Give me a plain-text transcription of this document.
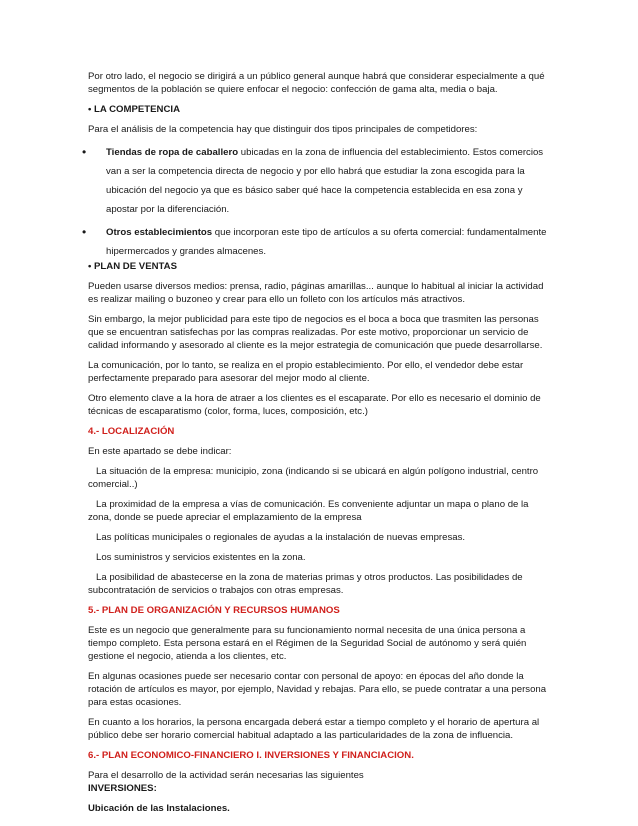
Por otro lado, el negocio se dirigirá a un público general aunque habrá que considerar especialmente a qué segmentos de la población se quiere enfocar el negocio: confección de gama alta, media o baja.

• LA COMPETENCIA

Para el análisis de la competencia hay que distinguir dos tipos principales de competidores:

• Tiendas de ropa de caballero ubicadas en la zona de influencia del establecimiento. Estos comercios van a ser la competencia directa de negocio y por ello habrá que estudiar la zona escogida para la ubicación del negocio ya que es básico saber qué hace la competencia establecida en esa zona y apostar por la diferenciación.
• Otros establecimientos que incorporan este tipo de artículos a su oferta comercial: fundamentalmente hipermercados y grandes almacenes.
• PLAN DE VENTAS

Pueden usarse diversos medios: prensa, radio, páginas amarillas... aunque lo habitual al iniciar la actividad es realizar mailing o buzoneo y crear para ello un folleto con los artículos más atractivos.

Sin embargo, la mejor publicidad para este tipo de negocios es el boca a boca que trasmiten las personas que se encuentran satisfechas por las compras realizadas. Por este motivo, proporcionar un servicio de calidad informando y asesorado al cliente es la mejor estrategia de comunicación que puede desarrollarse.

La comunicación, por lo tanto, se realiza en el propio establecimiento. Por ello, el vendedor debe estar perfectamente preparado para asesorar del mejor modo al cliente.

Otro elemento clave a la hora de atraer a los clientes es el escaparate. Por ello es necesario el dominio de técnicas de escaparatismo (color, forma, luces, composición, etc.)

4.- LOCALIZACIÓN

En este apartado se debe indicar:

La situación de la empresa: municipio, zona (indicando si se ubicará en algún polígono industrial, centro comercial..)

La proximidad de la empresa a vías de comunicación. Es conveniente adjuntar un mapa o plano de la zona, donde se puede apreciar el emplazamiento de la empresa

Las políticas municipales o regionales de ayudas a la instalación de nuevas empresas.

Los suministros y servicios existentes en la zona.

La posibilidad de abastecerse en la zona de materias primas y otros productos. Las posibilidades de subcontratación de servicios o trabajos con otras empresas.

5.- PLAN DE ORGANIZACIÓN Y RECURSOS HUMANOS

Este es un negocio que generalmente para su funcionamiento normal necesita de una única persona a tiempo completo. Esta persona estará en el Régimen de la Seguridad Social de autónomo y será quién gestione el negocio, atienda a los clientes, etc.

En algunas ocasiones puede ser necesario contar con personal de apoyo: en épocas del año donde la rotación de artículos es mayor, por ejemplo, Navidad y rebajas. Para ello, se puede contratar a una persona para estas ocasiones.

En cuanto a los horarios, la persona encargada deberá estar a tiempo completo y el horario de apertura al público debe ser horario comercial habitual adaptado a las particularidades de la zona de influencia.

6.- PLAN ECONOMICO-FINANCIERO I. INVERSIONES Y FINANCIACION.

Para el desarrollo de la actividad serán necesarias las siguientes

INVERSIONES:
Ubicación de las Instalaciones.
